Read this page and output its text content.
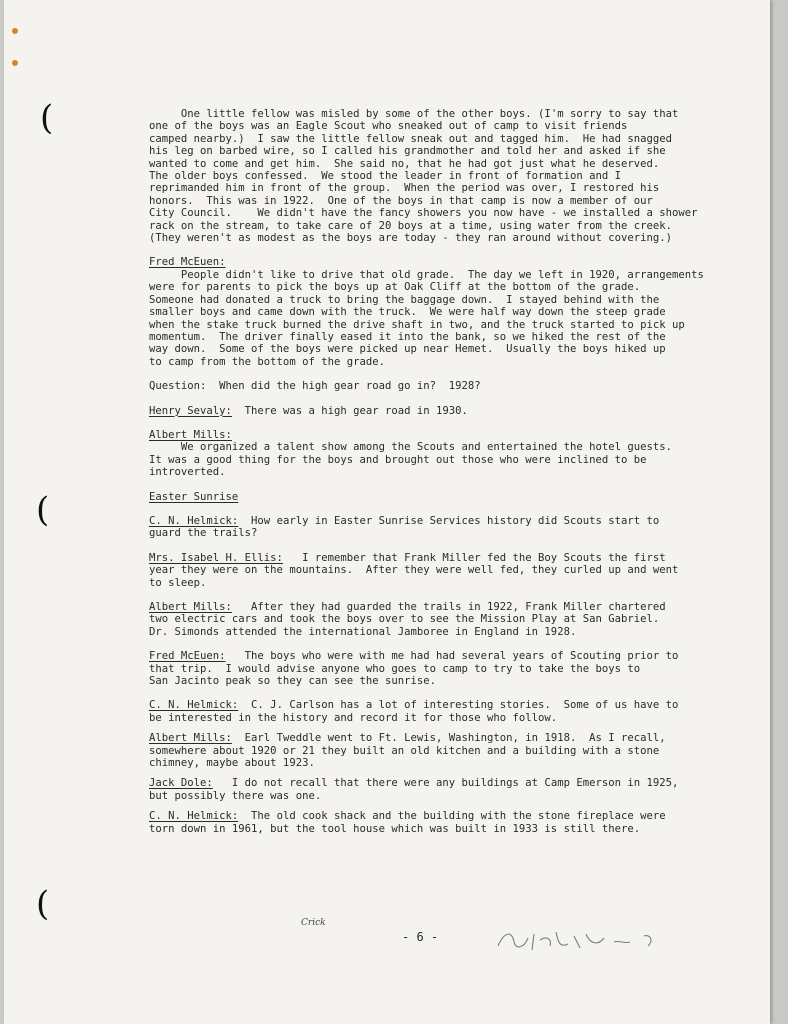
(
(
(
One little fellow was misled by some of the other boys. (I'm sorry to say that
one of the boys was an Eagle Scout who sneaked out of camp to visit friends
camped nearby.)  I saw the little fellow sneak out and tagged him.  He had snagged
his leg on barbed wire, so I called his grandmother and told her and asked if she
wanted to come and get him.  She said no, that he had got just what he deserved.
The older boys confessed.  We stood the leader in front of formation and I
reprimanded him in front of the group.  When the period was over, I restored his
honors.  This was in 1922.  One of the boys in that camp is now a member of our
City Council.    We didn't have the fancy showers you now have - we installed a shower
rack on the stream, to take care of 20 boys at a time, using water from the creek.
(They weren't as modest as the boys are today - they ran around without covering.)
Fred McEuen:
People didn't like to drive that old grade.  The day we left in 1920, arrangements
were for parents to pick the boys up at Oak Cliff at the bottom of the grade.
Someone had donated a truck to bring the baggage down.  I stayed behind with the
smaller boys and came down with the truck.  We were half way down the steep grade
when the stake truck burned the drive shaft in two, and the truck started to pick up
momentum.  The driver finally eased it into the bank, so we hiked the rest of the
way down.  Some of the boys were picked up near Hemet.  Usually the boys hiked up
to camp from the bottom of the grade.
Question:  When did the high gear road go in?  1928?
Henry Sevaly:  There was a high gear road in 1930.
Albert Mills:
We organized a talent show among the Scouts and entertained the hotel guests.
It was a good thing for the boys and brought out those who were inclined to be
introverted.
Easter Sunrise
C. N. Helmick:  How early in Easter Sunrise Services history did Scouts start to
guard the trails?
Mrs. Isabel H. Ellis:   I remember that Frank Miller fed the Boy Scouts the first
year they were on the mountains.  After they were well fed, they curled up and went
to sleep.
Albert Mills:   After they had guarded the trails in 1922, Frank Miller chartered
two electric cars and took the boys over to see the Mission Play at San Gabriel.
Dr. Simonds attended the international Jamboree in England in 1928.
Fred McEuen:   The boys who were with me had had several years of Scouting prior to
that trip.  I would advise anyone who goes to camp to try to take the boys to
San Jacinto peak so they can see the sunrise.
C. N. Helmick:  C. J. Carlson has a lot of interesting stories.  Some of us have to
be interested in the history and record it for those who follow.
Albert Mills:  Earl Tweddle went to Ft. Lewis, Washington, in 1918.  As I recall,
somewhere about 1920 or 21 they built an old kitchen and a building with a stone
chimney, maybe about 1923.
Jack Dole:   I do not recall that there were any buildings at Camp Emerson in 1925,
but possibly there was one.
C. N. Helmick:  The old cook shack and the building with the stone fireplace were
torn down in 1961, but the tool house which was built in 1933 is still there.
Crick
- 6 -
